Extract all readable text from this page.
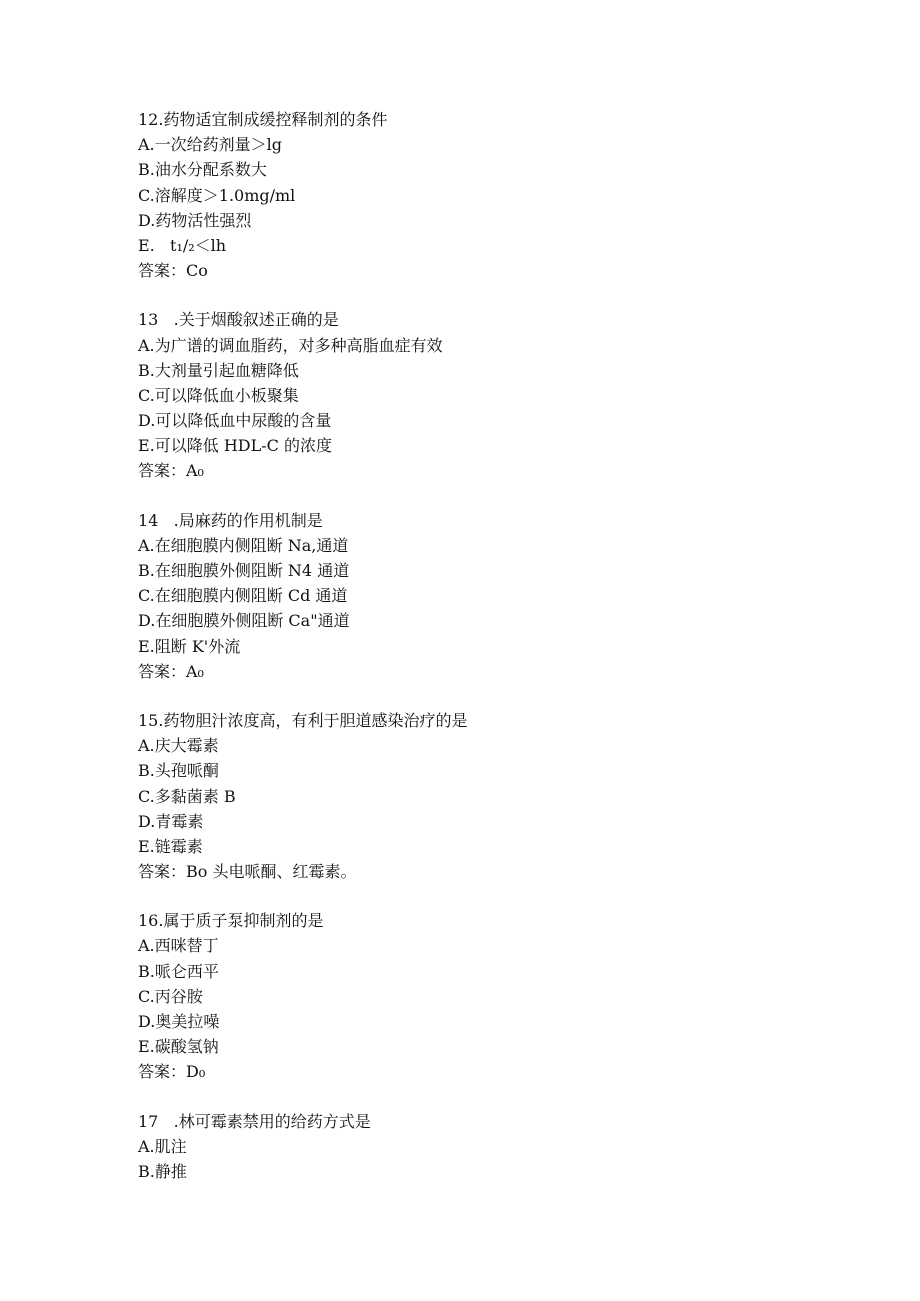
12.药物适宜制成缓控释制剂的条件
A.一次给药剂量＞lg
B.油水分配系数大
C.溶解度＞1.0mg∕ml
D.药物活性强烈
E.   t₁/₂＜lh
答案：Co
13   .关于烟酸叙述正确的是
A.为广谱的调血脂药，对多种高脂血症有效
B.大剂量引起血糖降低
C.可以降低血小板聚集
D.可以降低血中尿酸的含量
E.可以降低 HDL-C 的浓度
答案：A₀
14   .局麻药的作用机制是
A.在细胞膜内侧阻断 Na,通道
B.在细胞膜外侧阻断 N4 通道
C.在细胞膜内侧阻断 Cd 通道
D.在细胞膜外侧阻断 Ca"通道
E.阻断 K'外流
答案：A₀
15.药物胆汁浓度高，有利于胆道感染治疗的是
A.庆大霉素
B.头孢哌酮
C.多黏菌素 B
D.青霉素
E.链霉素
答案：Bo 头电哌酮、红霉素。
16.属于质子泵抑制剂的是
A.西咪替丁
B.哌仑西平
C.丙谷胺
D.奥美拉噪
E.碳酸氢钠
答案：D₀
17   .林可霉素禁用的给药方式是
A.肌注
B.静推
